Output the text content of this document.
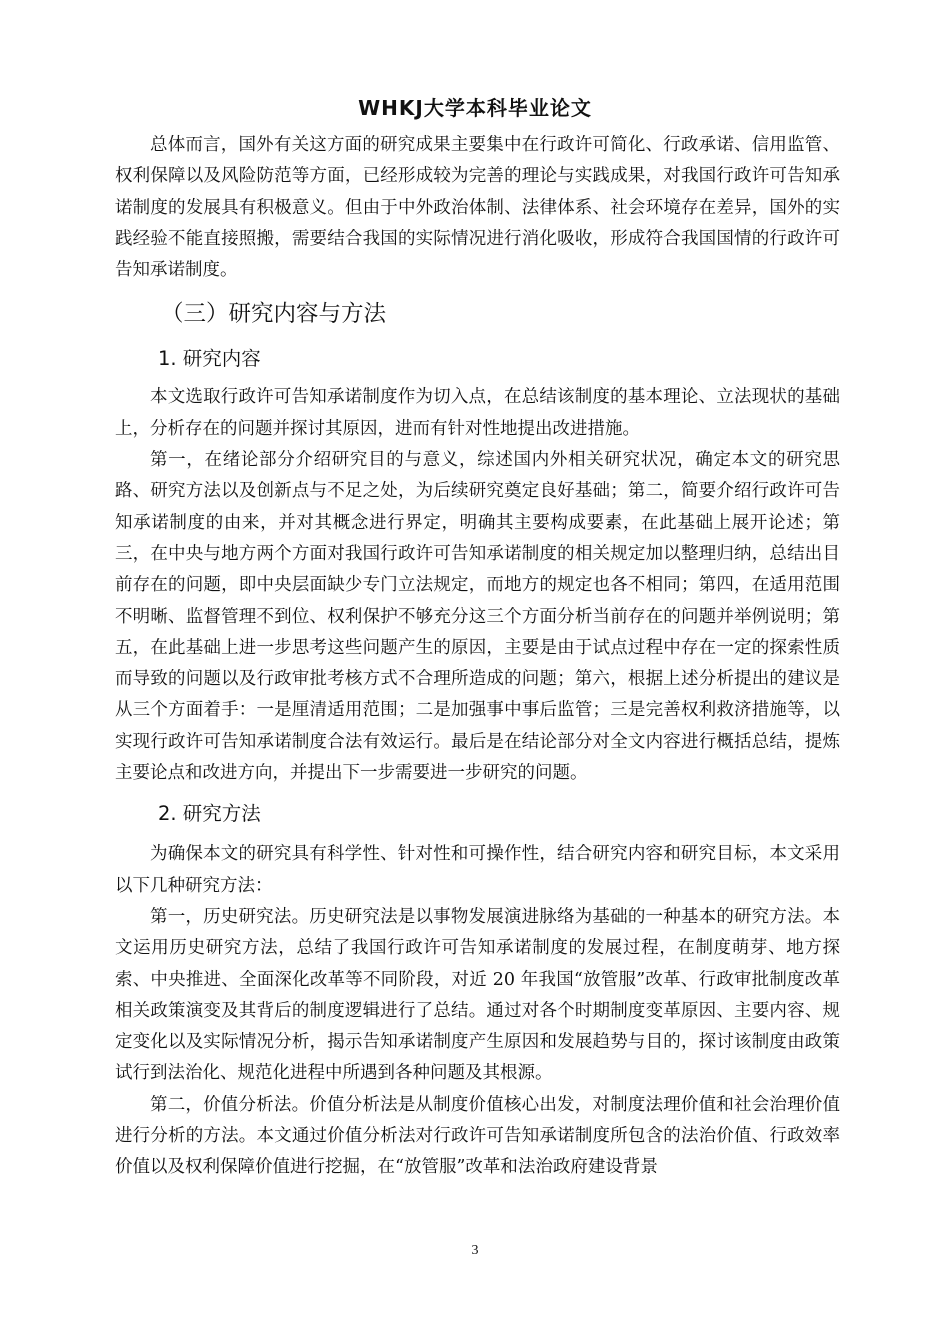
WHKJ大学本科毕业论文

总体而言，国外有关这方面的研究成果主要集中在行政许可简化、行政承诺、信用监管、权利保障以及风险防范等方面，已经形成较为完善的理论与实践成果，对我国行政许可告知承诺制度的发展具有积极意义。但由于中外政治体制、法律体系、社会环境存在差异，国外的实践经验不能直接照搬，需要结合我国的实际情况进行消化吸收，形成符合我国国情的行政许可告知承诺制度。

（三）研究内容与方法
1. 研究内容

本文选取行政许可告知承诺制度作为切入点，在总结该制度的基本理论、立法现状的基础上，分析存在的问题并探讨其原因，进而有针对性地提出改进措施。

第一，在绪论部分介绍研究目的与意义，综述国内外相关研究状况，确定本文的研究思路、研究方法以及创新点与不足之处，为后续研究奠定良好基础；第二，简要介绍行政许可告知承诺制度的由来，并对其概念进行界定，明确其主要构成要素，在此基础上展开论述；第三，在中央与地方两个方面对我国行政许可告知承诺制度的相关规定加以整理归纳，总结出目前存在的问题，即中央层面缺少专门立法规定，而地方的规定也各不相同；第四，在适用范围不明晰、监督管理不到位、权利保护不够充分这三个方面分析当前存在的问题并举例说明；第五，在此基础上进一步思考这些问题产生的原因，主要是由于试点过程中存在一定的探索性质而导致的问题以及行政审批考核方式不合理所造成的问题；第六，根据上述分析提出的建议是从三个方面着手：一是厘清适用范围；二是加强事中事后监管；三是完善权利救济措施等，以实现行政许可告知承诺制度合法有效运行。最后是在结论部分对全文内容进行概括总结，提炼主要论点和改进方向，并提出下一步需要进一步研究的问题。

2. 研究方法

为确保本文的研究具有科学性、针对性和可操作性，结合研究内容和研究目标，本文采用以下几种研究方法：

第一，历史研究法。历史研究法是以事物发展演进脉络为基础的一种基本的研究方法。本文运用历史研究方法，总结了我国行政许可告知承诺制度的发展过程，在制度萌芽、地方探索、中央推进、全面深化改革等不同阶段，对近 20 年我国“放管服”改革、行政审批制度改革相关政策演变及其背后的制度逻辑进行了总结。通过对各个时期制度变革原因、主要内容、规定变化以及实际情况分析，揭示告知承诺制度产生原因和发展趋势与目的，探讨该制度由政策试行到法治化、规范化进程中所遇到各种问题及其根源。

第二，价值分析法。价值分析法是从制度价值核心出发，对制度法理价值和社会治理价值进行分析的方法。本文通过价值分析法对行政许可告知承诺制度所包含的法治价值、行政效率价值以及权利保障价值进行挖掘，在“放管服”改革和法治政府建设背景

3
